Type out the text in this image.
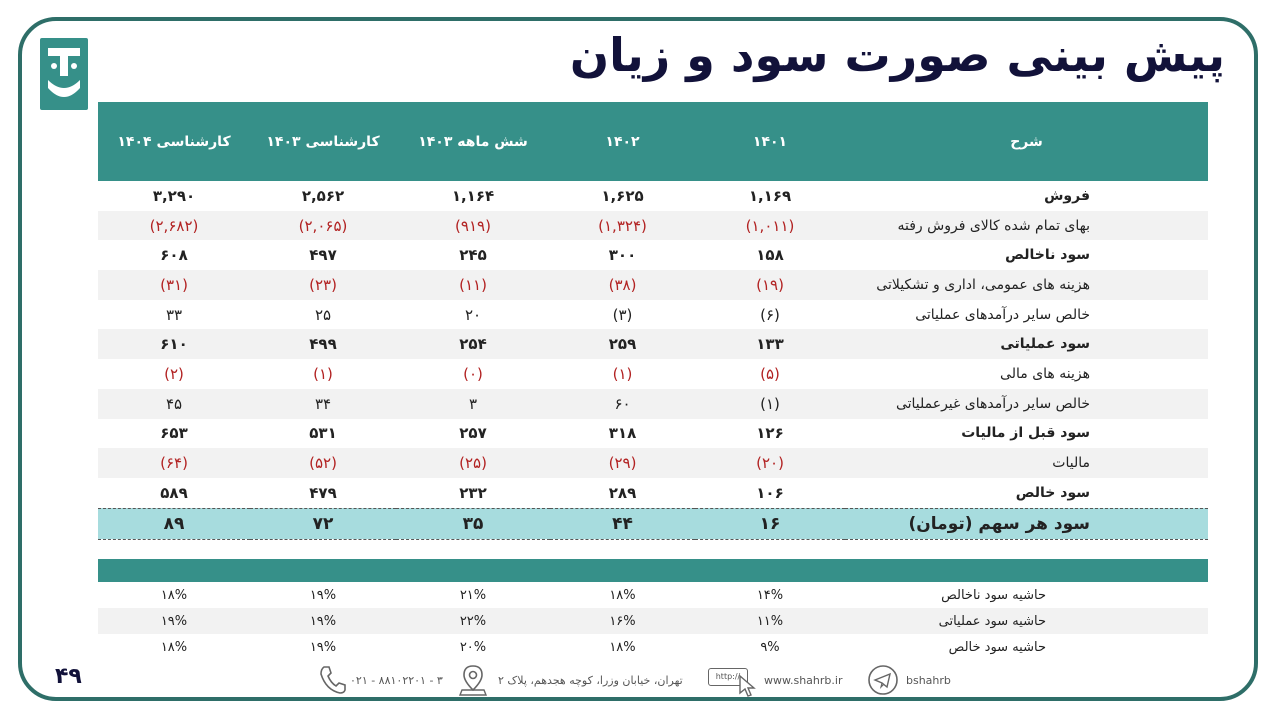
پیش بینی صورت سود و زیان
شرح	۱۴۰۱	۱۴۰۲	شش ماهه ۱۴۰۳	کارشناسی ۱۴۰۳	کارشناسی ۱۴۰۴
فروش	۱,۱۶۹	۱,۶۲۵	۱,۱۶۴	۲,۵۶۲	۳,۲۹۰
بهای تمام شده کالای فروش رفته	(۱,۰۱۱)	(۱,۳۲۴)	(۹۱۹)	(۲,۰۶۵)	(۲,۶۸۲)
سود ناخالص	۱۵۸	۳۰۰	۲۴۵	۴۹۷	۶۰۸
هزینه های عمومی، اداری و تشکیلاتی	(۱۹)	(۳۸)	(۱۱)	(۲۳)	(۳۱)
خالص سایر درآمدهای عملیاتی	(۶)	(۳)	۲۰	۲۵	۳۳
سود عملیاتی	۱۳۳	۲۵۹	۲۵۴	۴۹۹	۶۱۰
هزینه های مالی	(۵)	(۱)	(۰)	(۱)	(۲)
خالص سایر درآمدهای غیرعملیاتی	(۱)	۶۰	۳	۳۴	۴۵
سود قبل از مالیات	۱۲۶	۳۱۸	۲۵۷	۵۳۱	۶۵۳
مالیات	(۲۰)	(۲۹)	(۲۵)	(۵۲)	(۶۴)
سود خالص	۱۰۶	۲۸۹	۲۳۲	۴۷۹	۵۸۹
سود هر سهم (تومان)	۱۶	۴۴	۳۵	۷۲	۸۹
حاشیه سود ناخالص	۱۴%	۱۸%	۲۱%	۱۹%	۱۸%
حاشیه سود عملیاتی	۱۱%	۱۶%	۲۲%	۱۹%	۱۹%
حاشیه سود خالص	۹%	۱۸%	۲۰%	۱۹%	۱۸%
۴۹	۰۲۱ - ۸۸۱۰۲۲۰۱ - ۳	تهران، خیابان وزرا، کوچه هجدهم، پلاک ۲	http://	www.shahrb.ir	bshahrb
